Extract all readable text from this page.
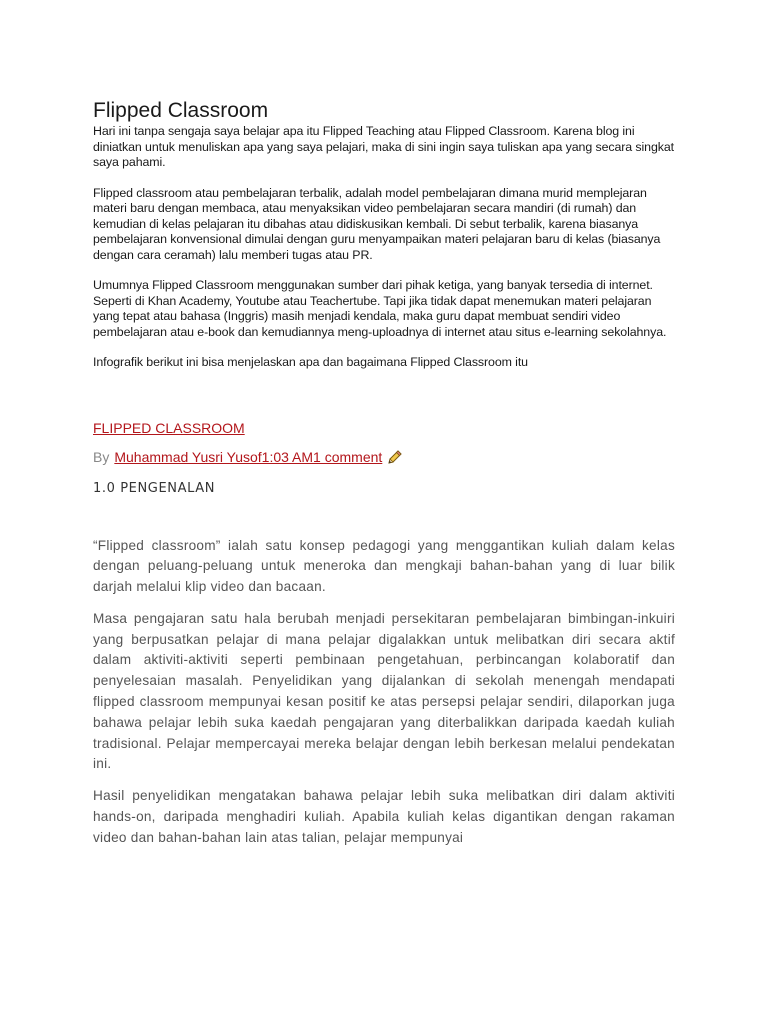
Flipped Classroom

Hari ini tanpa sengaja saya belajar apa itu Flipped Teaching atau Flipped Classroom. Karena blog ini diniatkan untuk menuliskan apa yang saya pelajari, maka di sini ingin saya tuliskan apa yang secara singkat saya pahami.

Flipped classroom atau pembelajaran terbalik, adalah model pembelajaran dimana murid memplejaran materi baru dengan membaca, atau menyaksikan video pembelajaran secara mandiri (di rumah) dan kemudian di kelas pelajaran itu dibahas atau didiskusikan kembali. Di sebut terbalik, karena biasanya pembelajaran konvensional dimulai dengan guru menyampaikan materi pelajaran baru di kelas (biasanya dengan cara ceramah) lalu memberi tugas atau PR.

Umumnya Flipped Classroom menggunakan sumber dari pihak ketiga, yang banyak tersedia di internet. Seperti di Khan Academy, Youtube atau Teachertube. Tapi jika tidak dapat menemukan materi pelajaran yang tepat atau bahasa (Inggris) masih menjadi kendala, maka guru dapat membuat sendiri video pembelajaran atau e-book dan kemudiannya meng-uploadnya di internet atau situs e-learning sekolahnya.

Infografik berikut ini bisa menjelaskan apa dan bagaimana Flipped Classroom itu

FLIPPED CLASSROOM
By Muhammad Yusri Yusof1:03 AM1 comment
1.0 PENGENALAN

“Flipped classroom” ialah satu konsep pedagogi yang menggantikan kuliah dalam kelas dengan peluang-peluang untuk meneroka dan mengkaji bahan-bahan yang di luar bilik darjah melalui klip video dan bacaan.

Masa pengajaran satu hala berubah menjadi persekitaran pembelajaran bimbingan-inkuiri yang berpusatkan pelajar di mana pelajar digalakkan untuk melibatkan diri secara aktif dalam aktiviti-aktiviti seperti pembinaan pengetahuan, perbincangan kolaboratif dan penyelesaian masalah. Penyelidikan yang dijalankan di sekolah menengah mendapati flipped classroom mempunyai kesan positif ke atas persepsi pelajar sendiri, dilaporkan juga bahawa pelajar lebih suka kaedah pengajaran yang diterbalikkan daripada kaedah kuliah tradisional. Pelajar mempercayai mereka belajar dengan lebih berkesan melalui pendekatan ini.

Hasil penyelidikan mengatakan bahawa pelajar lebih suka melibatkan diri dalam aktiviti hands-on, daripada menghadiri kuliah. Apabila kuliah kelas digantikan dengan rakaman video dan bahan-bahan lain atas talian, pelajar mempunyai
